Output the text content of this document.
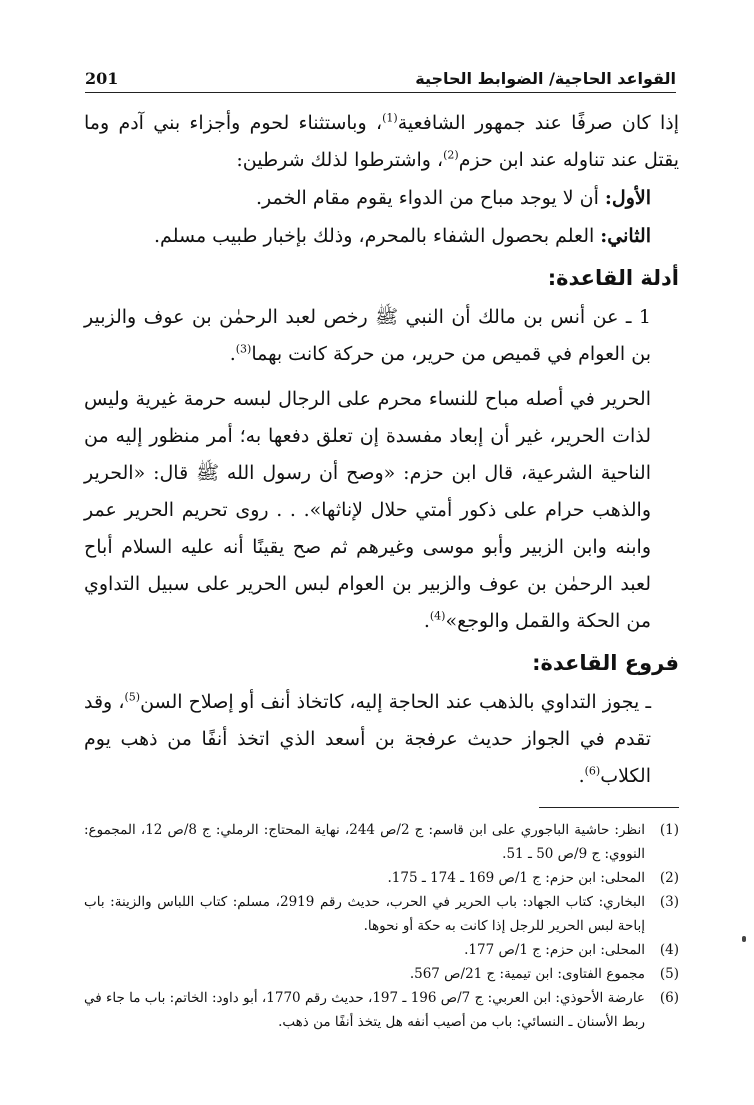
القواعد الحاجية/ الضوابط الحاجية
201

إذا كان صرفًا عند جمهور الشافعية$^{(1)}$، وباستثناء لحوم وأجزاء بني آدم وما يقتل عند تناوله عند ابن حزم$^{(2)}$، واشترطوا لذلك شرطين:

الأول:أن لا يوجد مباح من الدواء يقوم مقام الخمر.

الثاني:العلم بحصول الشفاء بالمحرم، وذلك بإخبار طبيب مسلم.

أدلة القاعدة:

1 ـ عن أنس بن مالك أن النبي ﷺ رخص لعبد الرحمٰن بن عوف والزبير بن العوام في قميص من حرير، من حركة كانت بهما$^{(3)}$.

الحرير في أصله مباح للنساء محرم على الرجال لبسه حرمة غيرية وليس لذات الحرير، غير أن إبعاد مفسدة إن تعلق دفعها به؛ أمر منظور إليه من الناحية الشرعية، قال ابن حزم: «وصح أن رسول الله ﷺ قال: «الحرير والذهب حرام على ذكور أمتي حلال لإناثها». . . روى تحريم الحرير عمر وابنه وابن الزبير وأبو موسى وغيرهم ثم صح يقينًا أنه عليه السلام أباح لعبد الرحمٰن بن عوف والزبير بن العوام لبس الحرير على سبيل التداوي من الحكة والقمل والوجع»$^{(4)}$.

فروع القاعدة:

ـ يجوز التداوي بالذهب عند الحاجة إليه، كاتخاذ أنف أو إصلاح السن$^{(5)}$، وقد تقدم في الجواز حديث عرفجة بن أسعد الذي اتخذ أنفًا من ذهب يوم الكلاب$^{(6)}$.

(1)
انظر: حاشية الباجوري على ابن قاسم: ج 2/ص 244، نهاية المحتاج: الرملي: ج 8/ص 12، المجموع: النووي: ج 9/ص 50 ـ 51.
(2)
المحلى: ابن حزم: ج 1/ص 169 ـ 174 ـ 175.
(3)
البخاري: كتاب الجهاد: باب الحرير في الحرب، حديث رقم 2919، مسلم: كتاب اللباس والزينة: باب إباحة لبس الحرير للرجل إذا كانت به حكة أو نحوها.
(4)
المحلى: ابن حزم: ج 1/ص 177.
(5)
مجموع الفتاوى: ابن تيمية: ج 21/ص 567.
(6)
عارضة الأحوذي: ابن العربي: ج 7/ص 196 ـ 197، حديث رقم 1770، أبو داود: الخاتم: باب ما جاء في ربط الأسنان ـ النسائي: باب من أصيب أنفه هل يتخذ أنفًا من ذهب.
